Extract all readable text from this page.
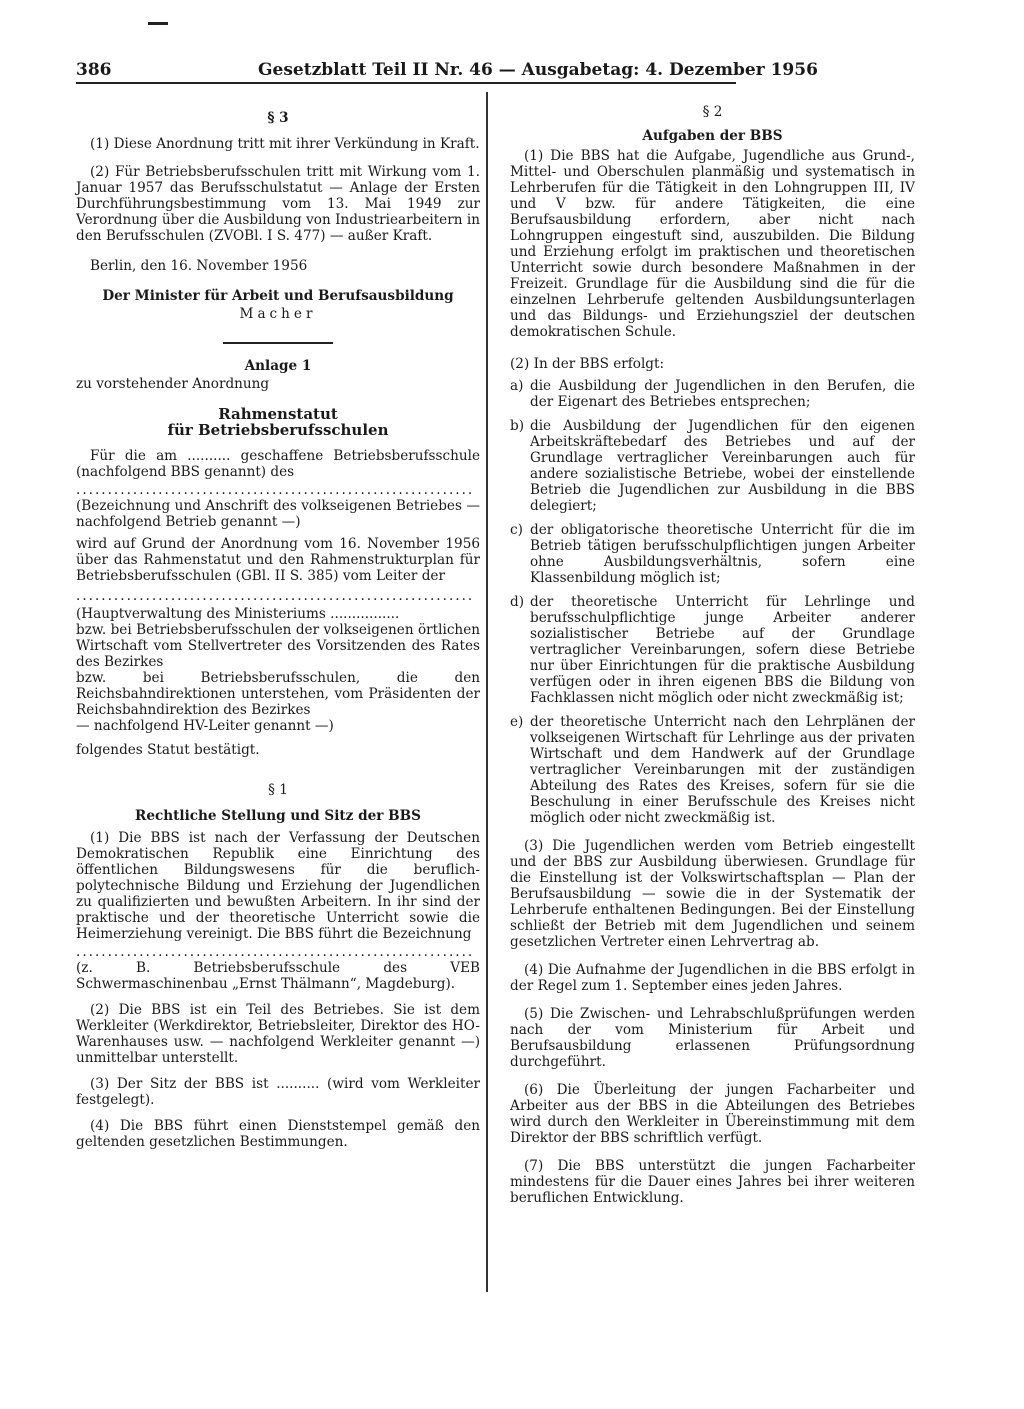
386	Gesetzblatt Teil II Nr. 46 — Ausgabetag: 4. Dezember 1956
§ 3

(1) Diese Anordnung tritt mit ihrer Verkündung in Kraft.

(2) Für Betriebsberufsschulen tritt mit Wirkung vom 1. Januar 1957 das Berufsschulstatut — Anlage der Ersten Durchführungsbestimmung vom 13. Mai 1949 zur Verordnung über die Ausbildung von Industriearbeitern in den Berufsschulen (ZVOBl. I S. 477) — außer Kraft.

Berlin, den 16. November 1956

Der Minister für Arbeit und Berufsausbildung
Macher
Anlage 1

zu vorstehender Anordnung

Rahmenstatut
für Betriebsberufsschulen

Für die am .......... geschaffene Betriebsberufsschule (nachfolgend BBS genannt) des

...............................................................

(Bezeichnung und Anschrift des volkseigenen Betriebes — nachfolgend Betrieb genannt —)

wird auf Grund der Anordnung vom 16. November 1956 über das Rahmenstatut und den Rahmenstrukturplan für Betriebsberufsschulen (GBl. II S. 385) vom Leiter der

...............................................................

(Hauptverwaltung des Ministeriums ................

bzw. bei Betriebsberufsschulen der volkseigenen örtlichen Wirtschaft vom Stellvertreter des Vorsitzenden des Rates des Bezirkes

bzw. bei Betriebsberufsschulen, die den Reichsbahndirektionen unterstehen, vom Präsidenten der Reichsbahndirektion des Bezirkes

— nachfolgend HV-Leiter genannt —)

folgendes Statut bestätigt.

§ 1
Rechtliche Stellung und Sitz der BBS

(1) Die BBS ist nach der Verfassung der Deutschen Demokratischen Republik eine Einrichtung des öffentlichen Bildungswesens für die beruflich-polytechnische Bildung und Erziehung der Jugendlichen zu qualifizierten und bewußten Arbeitern. In ihr sind der praktische und der theoretische Unterricht sowie die Heimerziehung vereinigt. Die BBS führt die Bezeichnung

...............................................................

(z. B. Betriebsberufsschule des VEB Schwermaschinenbau „Ernst Thälmann“, Magdeburg).

(2) Die BBS ist ein Teil des Betriebes. Sie ist dem Werkleiter (Werkdirektor, Betriebsleiter, Direktor des HO-Warenhauses usw. — nachfolgend Werkleiter genannt —) unmittelbar unterstellt.

(3) Der Sitz der BBS ist .......... (wird vom Werkleiter festgelegt).

(4) Die BBS führt einen Dienststempel gemäß den geltenden gesetzlichen Bestimmungen.

§ 2
Aufgaben der BBS

(1) Die BBS hat die Aufgabe, Jugendliche aus Grund-, Mittel- und Oberschulen planmäßig und systematisch in Lehrberufen für die Tätigkeit in den Lohngruppen III, IV und V bzw. für andere Tätigkeiten, die eine Berufsausbildung erfordern, aber nicht nach Lohngruppen eingestuft sind, auszubilden. Die Bildung und Erziehung erfolgt im praktischen und theoretischen Unterricht sowie durch besondere Maßnahmen in der Freizeit. Grundlage für die Ausbildung sind die für die einzelnen Lehrberufe geltenden Ausbildungsunterlagen und das Bildungs- und Erziehungsziel der deutschen demokratischen Schule.

(2) In der BBS erfolgt:

a) die Ausbildung der Jugendlichen in den Berufen, die der Eigenart des Betriebes entsprechen;
b) die Ausbildung der Jugendlichen für den eigenen Arbeitskräftebedarf des Betriebes und auf der Grundlage vertraglicher Vereinbarungen auch für andere sozialistische Betriebe, wobei der einstellende Betrieb die Jugendlichen zur Ausbildung in die BBS delegiert;
c) der obligatorische theoretische Unterricht für die im Betrieb tätigen berufsschulpflichtigen jungen Arbeiter ohne Ausbildungsverhältnis, sofern eine Klassenbildung möglich ist;
d) der theoretische Unterricht für Lehrlinge und berufsschulpflichtige junge Arbeiter anderer sozialistischer Betriebe auf der Grundlage vertraglicher Vereinbarungen, sofern diese Betriebe nur über Einrichtungen für die praktische Ausbildung verfügen oder in ihren eigenen BBS die Bildung von Fachklassen nicht möglich oder nicht zweckmäßig ist;
e) der theoretische Unterricht nach den Lehrplänen der volkseigenen Wirtschaft für Lehrlinge aus der privaten Wirtschaft und dem Handwerk auf der Grundlage vertraglicher Vereinbarungen mit der zuständigen Abteilung des Rates des Kreises, sofern für sie die Beschulung in einer Berufsschule des Kreises nicht möglich oder nicht zweckmäßig ist.

(3) Die Jugendlichen werden vom Betrieb eingestellt und der BBS zur Ausbildung überwiesen. Grundlage für die Einstellung ist der Volkswirtschaftsplan — Plan der Berufsausbildung — sowie die in der Systematik der Lehrberufe enthaltenen Bedingungen. Bei der Einstellung schließt der Betrieb mit dem Jugendlichen und seinem gesetzlichen Vertreter einen Lehrvertrag ab.

(4) Die Aufnahme der Jugendlichen in die BBS erfolgt in der Regel zum 1. September eines jeden Jahres.

(5) Die Zwischen- und Lehrabschlußprüfungen werden nach der vom Ministerium für Arbeit und Berufsausbildung erlassenen Prüfungsordnung durchgeführt.

(6) Die Überleitung der jungen Facharbeiter und Arbeiter aus der BBS in die Abteilungen des Betriebes wird durch den Werkleiter in Übereinstimmung mit dem Direktor der BBS schriftlich verfügt.

(7) Die BBS unterstützt die jungen Facharbeiter mindestens für die Dauer eines Jahres bei ihrer weiteren beruflichen Entwicklung.
